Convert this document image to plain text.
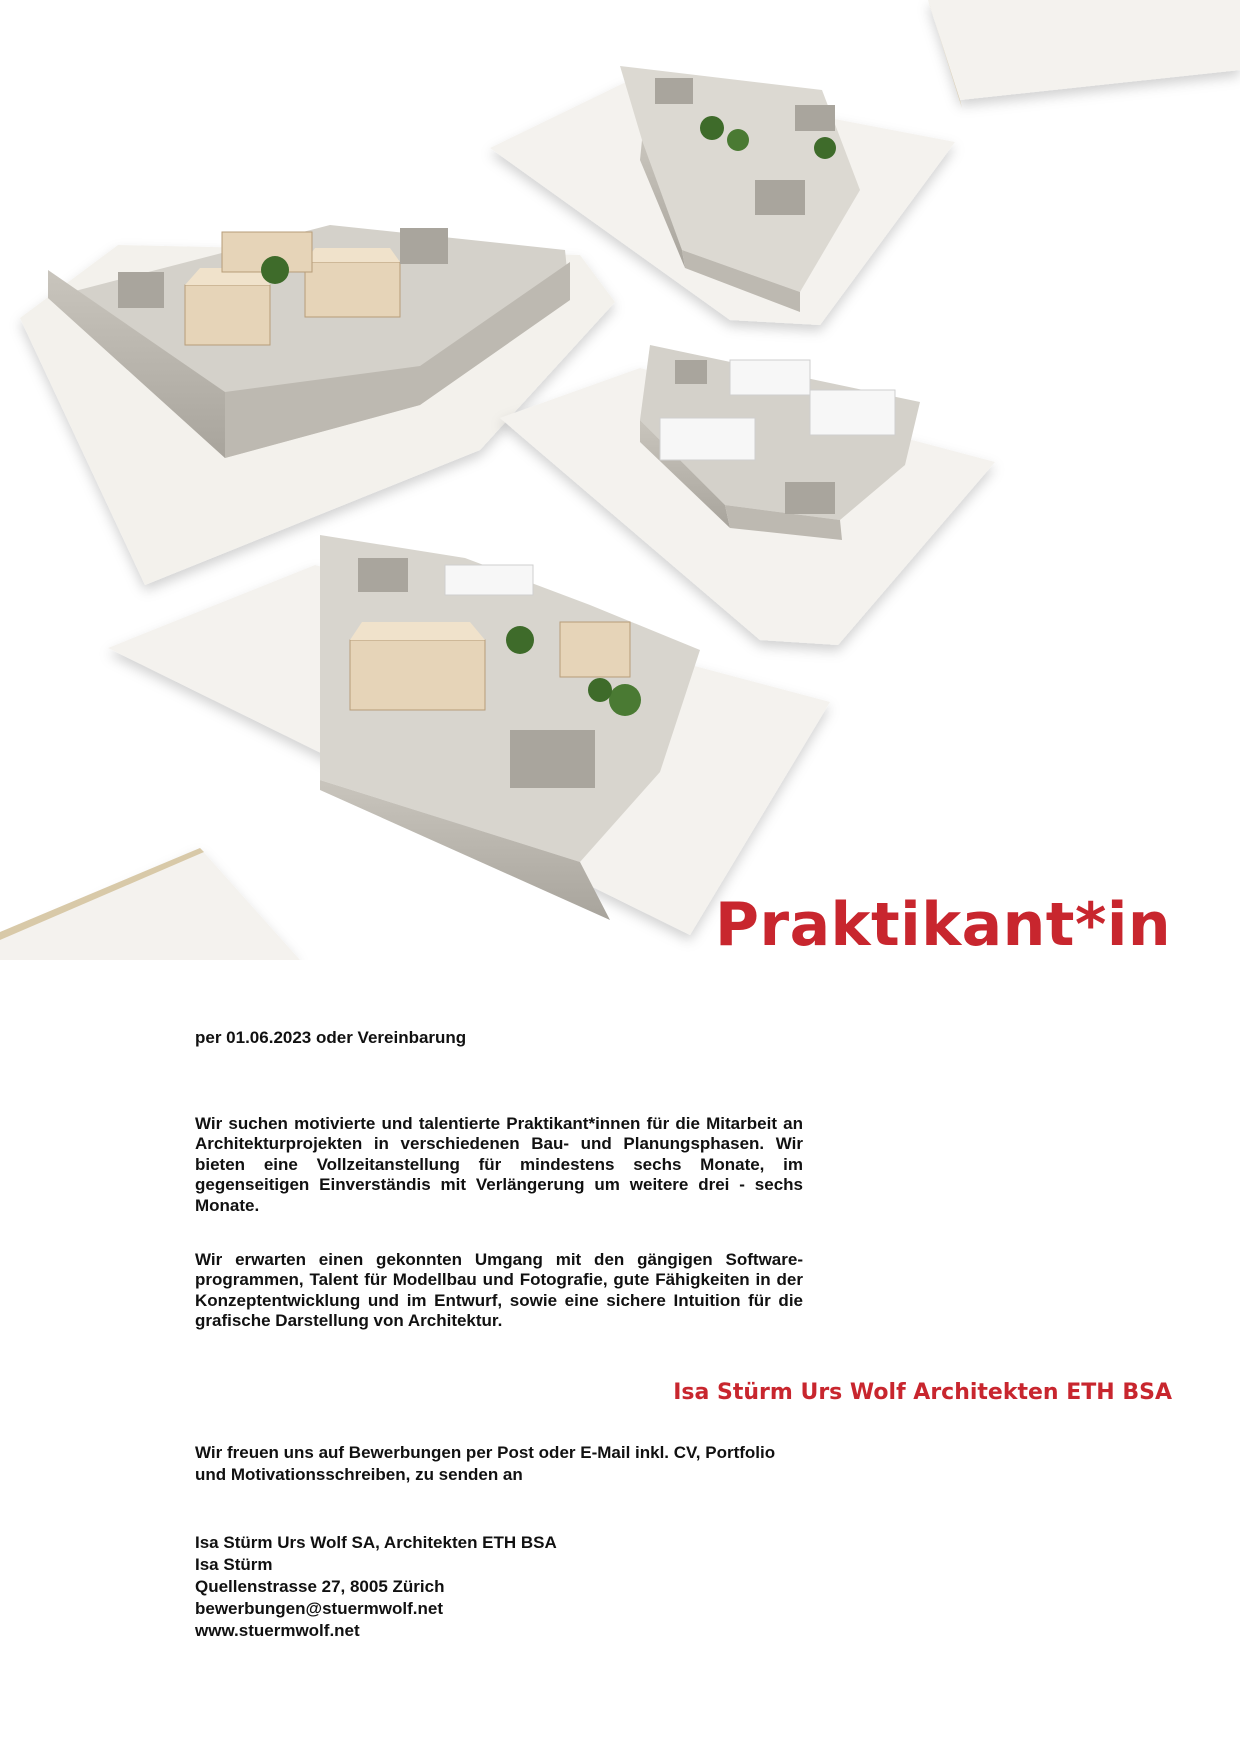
Praktikant*in

per 01.06.2023 oder Vereinbarung

Wir suchen motivierte und talentierte Praktikant*innen für die Mitarbeit an Architekturprojekten in verschiedenen Bau- und Planungsphasen. Wir bieten eine Vollzeitanstellung für mindestens sechs Monate, im gegenseitigen Einverständis mit Verlängerung um weitere drei - sechs Monate.

Wir erwarten einen gekonnten Umgang mit den gängigen Software-programmen, Talent für Modellbau und Fotografie, gute Fähigkeiten in der Konzeptentwicklung und im Entwurf, sowie eine sichere Intuition für die grafische Darstellung von Architektur.

Isa Stürm Urs Wolf Architekten ETH BSA

Wir freuen uns auf Bewerbungen per Post oder E-Mail inkl. CV, Portfolio und Motivationsschreiben, zu senden an

Isa Stürm Urs Wolf SA, Architekten ETH BSA
Isa Stürm
Quellenstrasse 27, 8005 Zürich
bewerbungen@stuermwolf.net
www.stuermwolf.net
